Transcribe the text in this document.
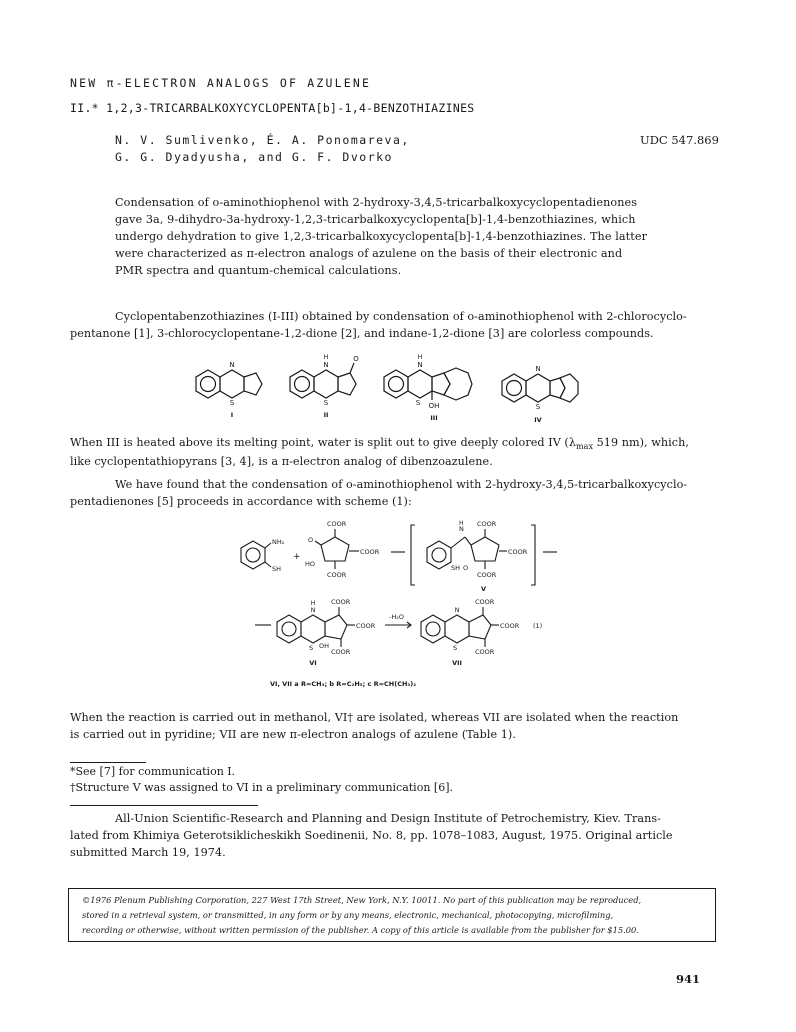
NEW π-ELECTRON ANALOGS OF AZULENE
II.* 1,2,3-TRICARBALKOXYCYCLOPENTA[b]-1,4-BENZOTHIAZINES
N. V. Sumlivenko, É. A. Ponomareva,
G. G. Dyadyusha, and G. F. Dvorko
UDC 547.869
Condensation of o-aminothiophenol with 2-hydroxy-3,4,5-tricarbalkoxycyclopentadienones
gave 3a, 9-dihydro-3a-hydroxy-1,2,3-tricarbalkoxycyclopenta[b]-1,4-benzothiazines, which
undergo dehydration to give 1,2,3-tricarbalkoxycyclopenta[b]-1,4-benzothiazines. The latter
were characterized as π-electron analogs of azulene on the basis of their electronic and
PMR spectra and quantum-chemical calculations.
Cyclopentabenzothiazines (I-III) obtained by condensation of o-aminothiophenol with 2-chlorocyclo-
pentanone [1], 3-chlorocyclopentane-1,2-dione [2], and indane-1,2-dione [3] are colorless compounds.
N
S
I
N
H	O
S
II
N
H
S OH
III
N
S
IV
When III is heated above its melting point, water is split out to give deeply colored IV ($\lambda_{max}$ 519 nm), which,
like cyclopentathiopyrans [3, 4], is a π-electron analog of dibenzoazulene.
We have found that the condensation of o-aminothiophenol with 2-hydroxy-3,4,5-tricarbalkoxycyclo-
pentadienones [5] proceeds in accordance with scheme (1):
NH₂
SH
+
COOR
COOR
COOR
O
HO
N
H COOR
COOR
COOR
SH O
V
N
H COOR
COOR
COOR
S OH
VI
-H₂O
N
COOR
COOR
COOR
S
VII
(1)
VI, VII a R=CH₃; b R=C₂H₅; c R=CH(CH₃)₂
When the reaction is carried out in methanol, VI† are isolated, whereas VII are isolated when the reaction
is carried out in pyridine; VII are new π-electron analogs of azulene (Table 1).
*See [7] for communication I.
†Structure V was assigned to VI in a preliminary communication [6].
All-Union Scientific-Research and Planning and Design Institute of Petrochemistry, Kiev. Trans-
lated from Khimiya Geterotsiklicheskikh Soedinenii, No. 8, pp. 1078–1083, August, 1975. Original article
submitted March 19, 1974.
©1976 Plenum Publishing Corporation, 227 West 17th Street, New York, N.Y. 10011. No part of this publication may be reproduced,
stored in a retrieval system, or transmitted, in any form or by any means, electronic, mechanical, photocopying, microfilming,
recording or otherwise, without written permission of the publisher. A copy of this article is available from the publisher for $15.00.
941
